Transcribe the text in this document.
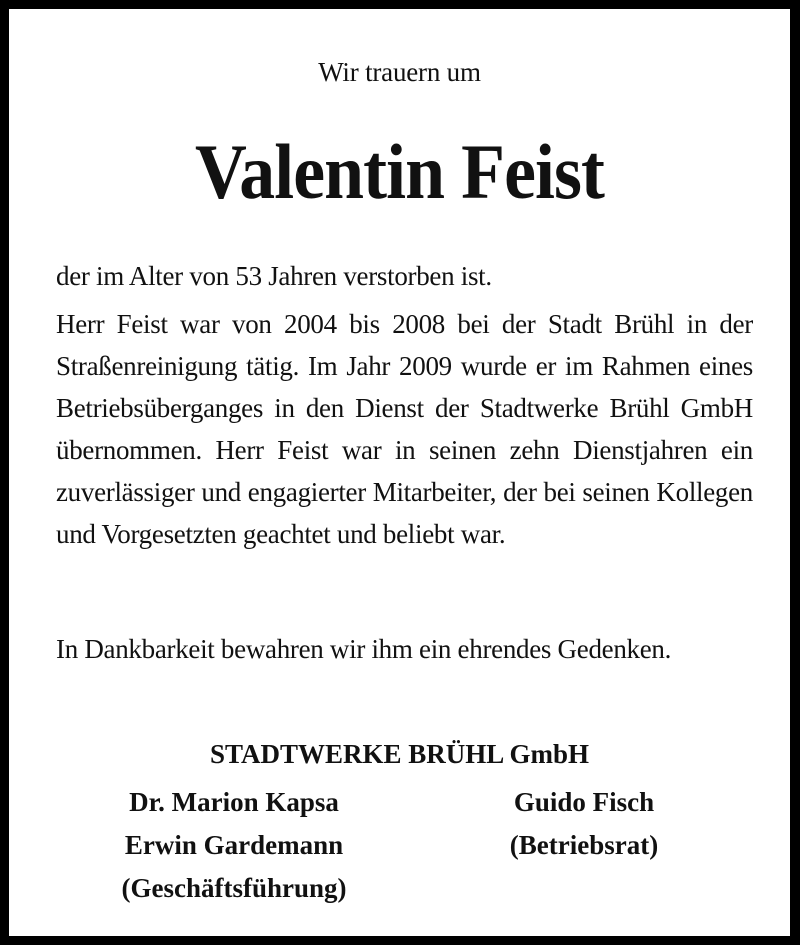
Wir trauern um
Valentin Feist
der im Alter von 53 Jahren verstorben ist.
Herr Feist war von 2004 bis 2008 bei der Stadt Brühl in der Straßenreinigung tätig. Im Jahr 2009 wurde er im Rahmen eines Betriebsüberganges in den Dienst der Stadtwerke Brühl GmbH übernommen. Herr Feist war in seinen zehn Dienstjahren ein zuverlässiger und engagierter Mitarbeiter, der bei seinen Kollegen und Vorgesetzten geachtet und beliebt war.
In Dankbarkeit bewahren wir ihm ein ehrendes Gedenken.
STADTWERKE BRÜHL GmbH
Dr. Marion Kapsa
Erwin Gardemann
(Geschäftsführung)
Guido Fisch
(Betriebsrat)
